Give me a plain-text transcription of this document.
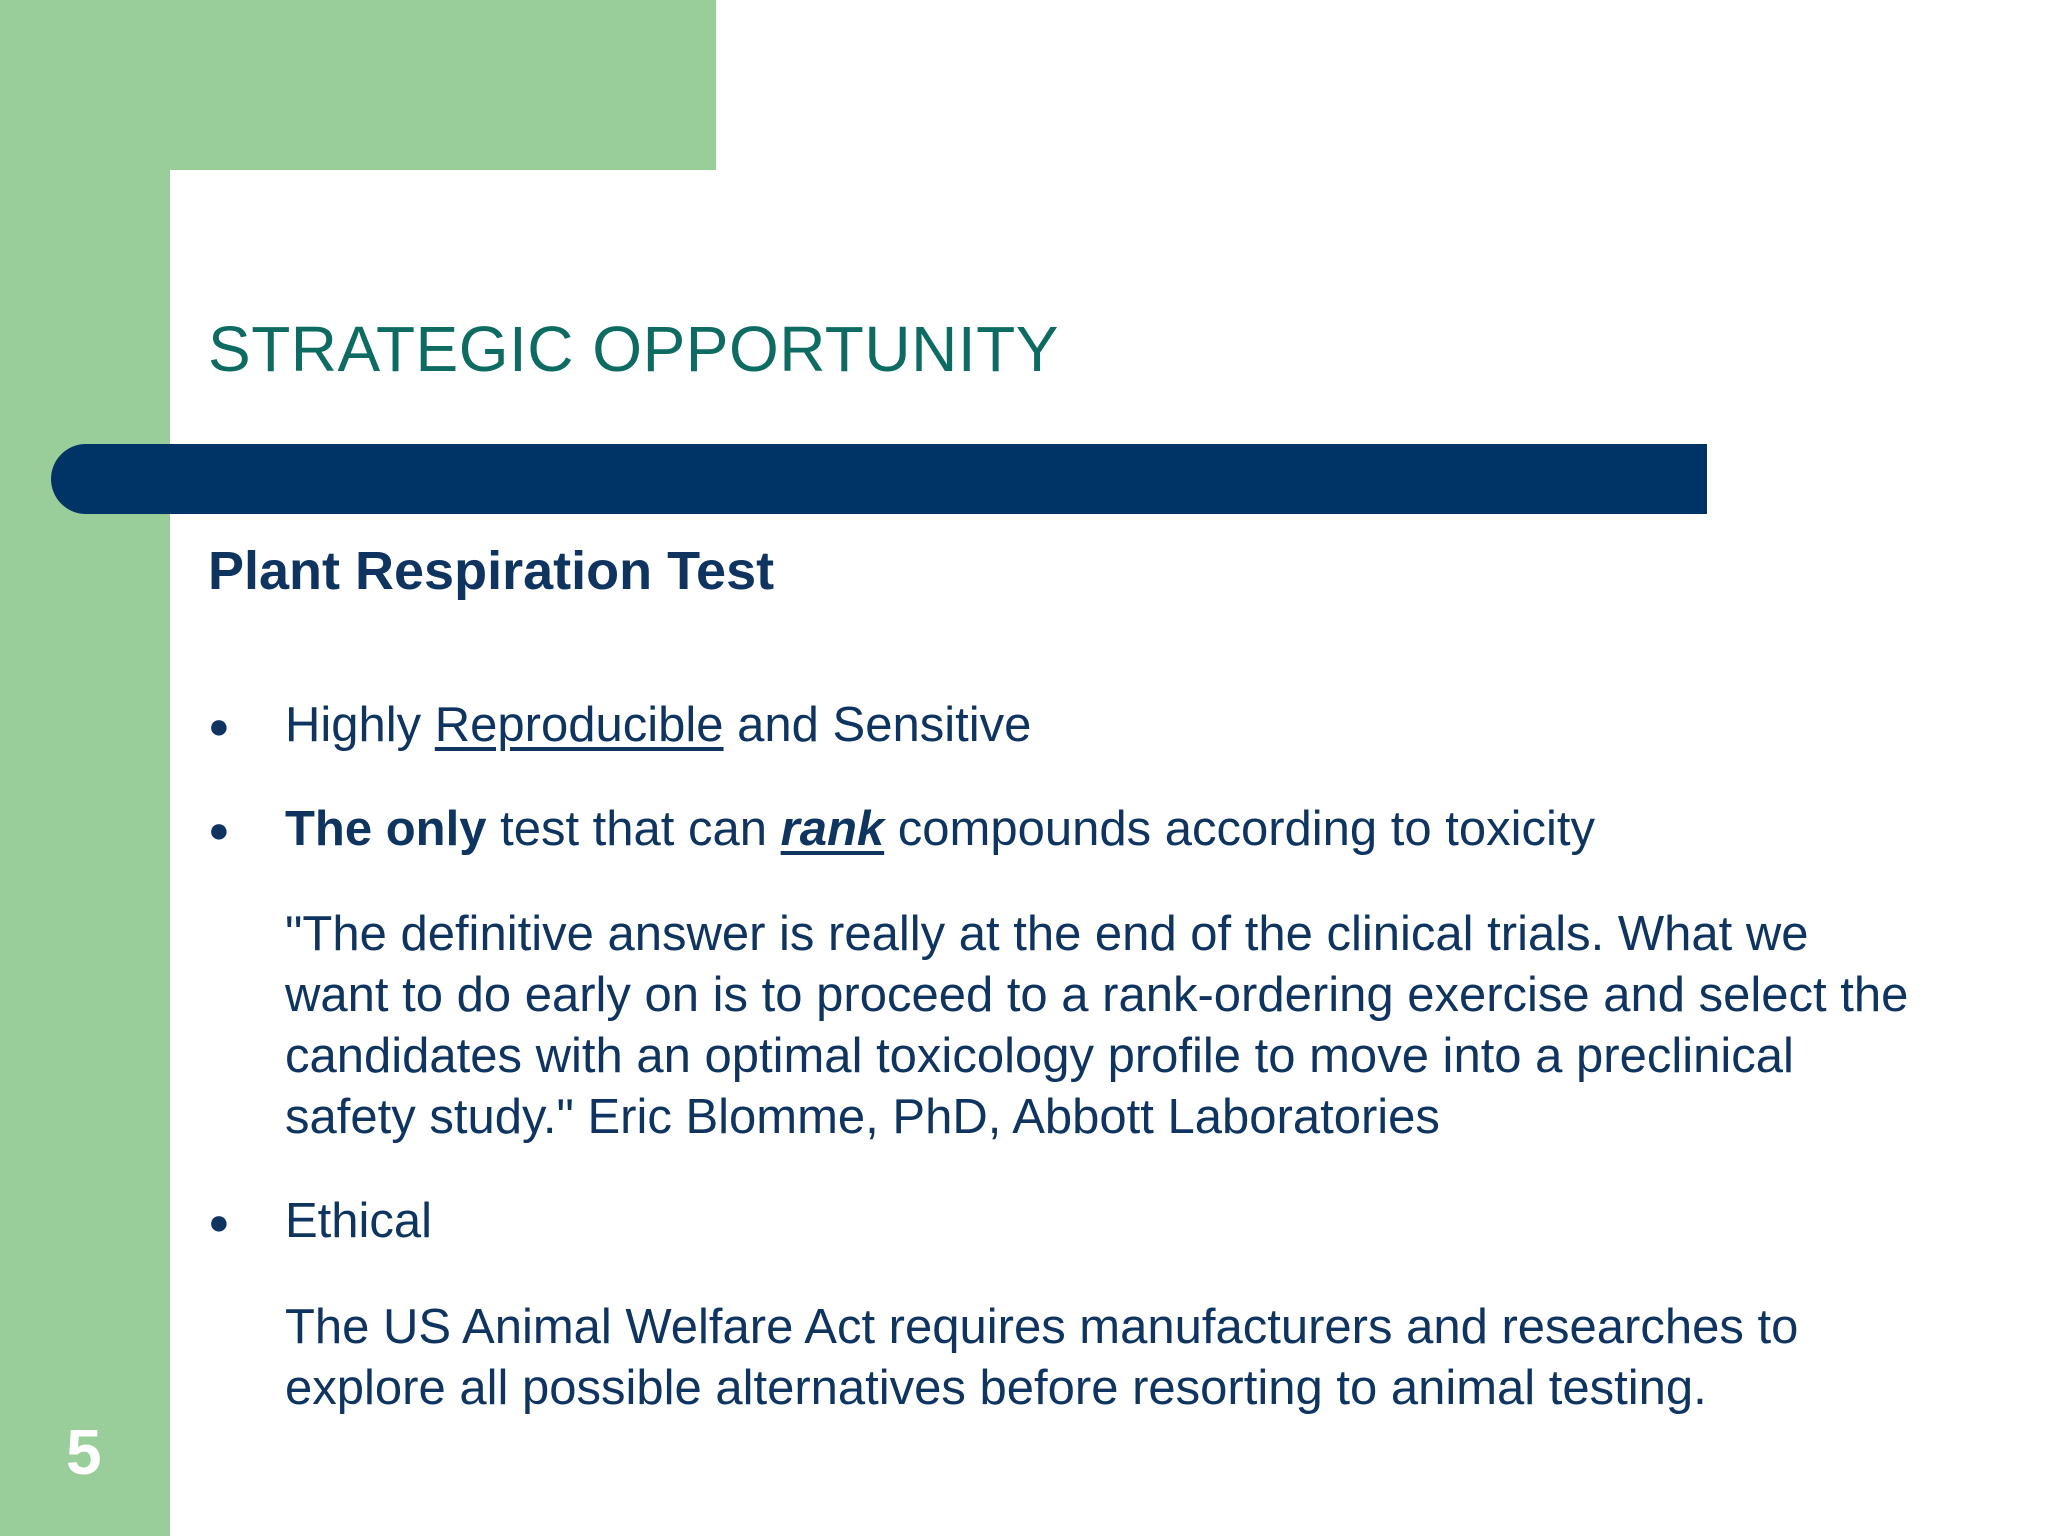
STRATEGIC OPPORTUNITY
Plant Respiration Test
● Highly Reproducible and Sensitive
● The only test that can rank compounds according to toxicity

"The definitive answer is really at the end of the clinical trials. What we want to do early on is to proceed to a rank-ordering exercise and select the candidates with an optimal toxicology profile to move into a preclinical safety study." Eric Blomme, PhD, Abbott Laboratories

● Ethical

The US Animal Welfare Act requires manufacturers and researches to explore all possible alternatives before resorting to animal testing.

5
